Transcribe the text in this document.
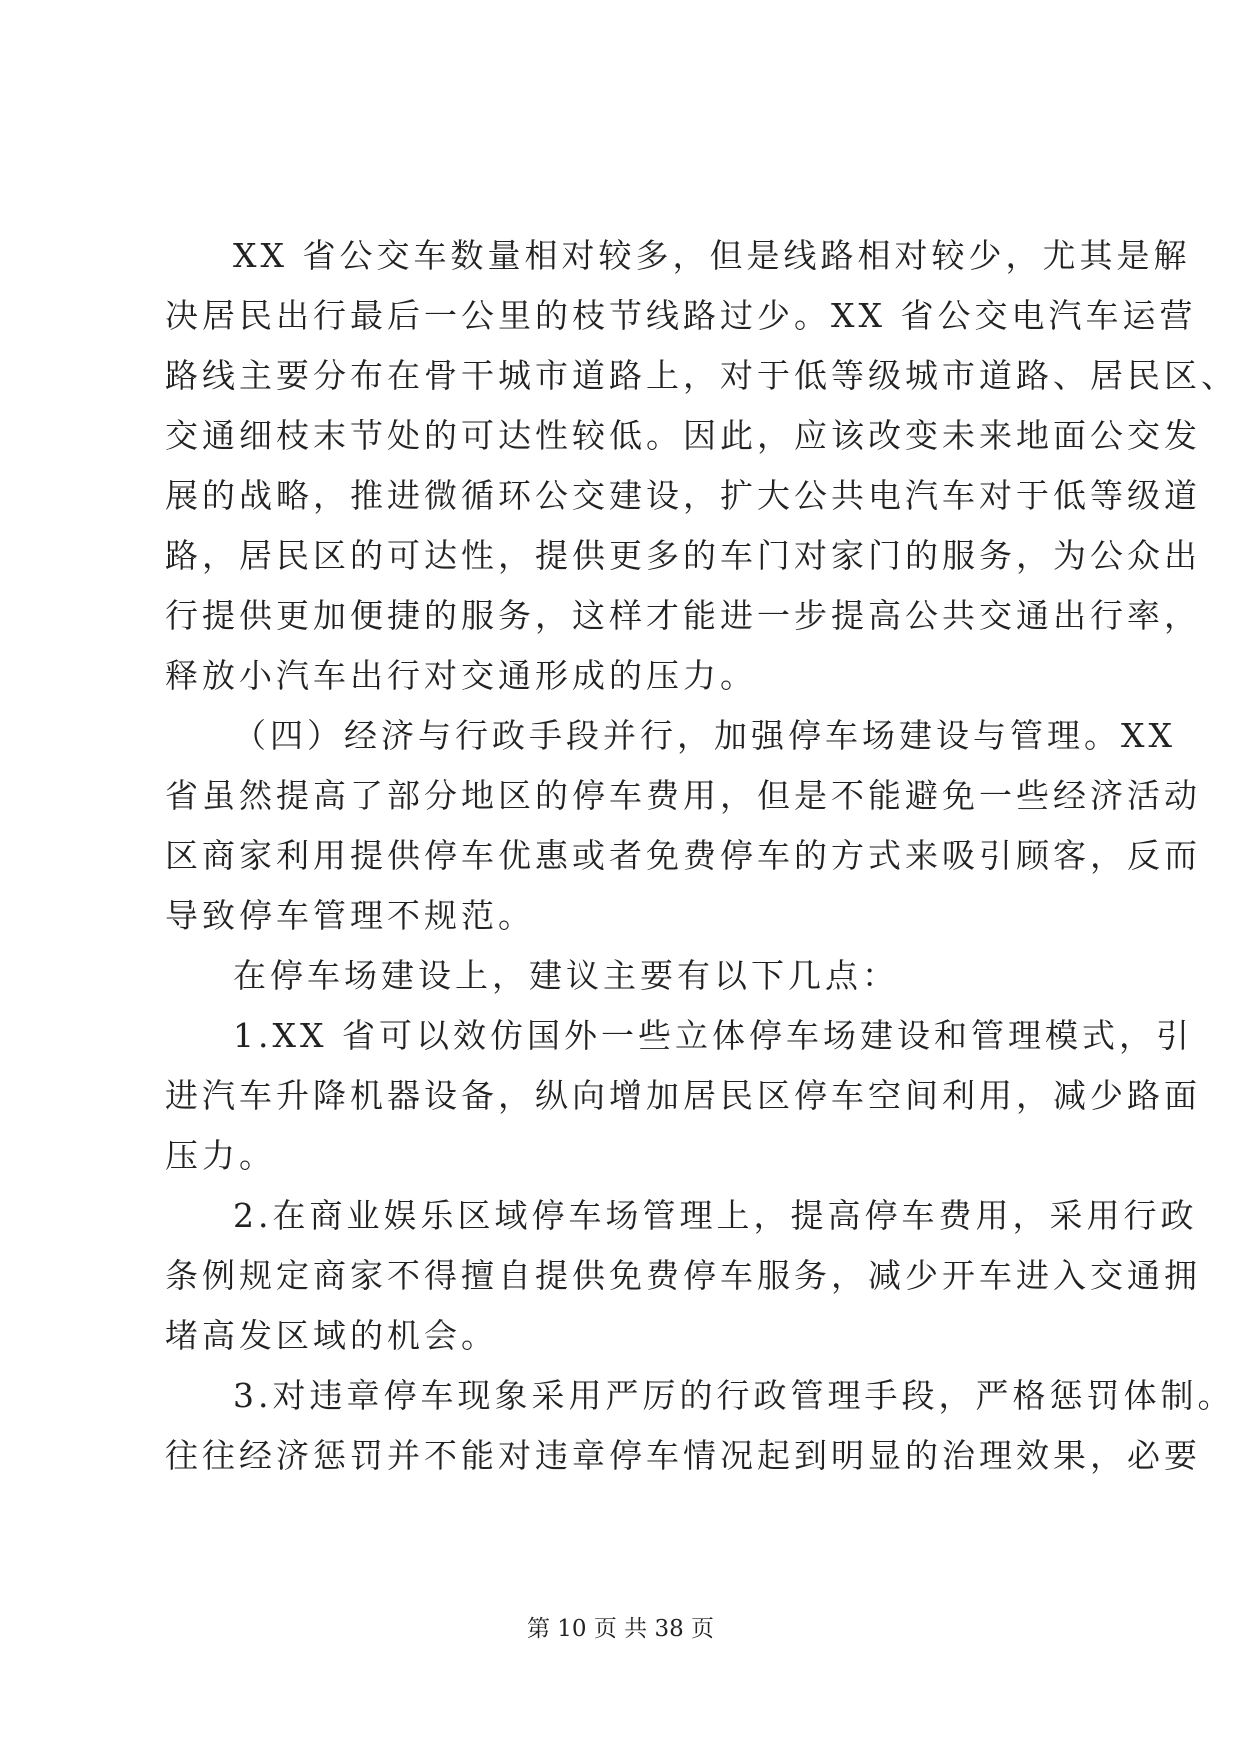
XX 省公交车数量相对较多，但是线路相对较少，尤其是解
决居民出行最后一公里的枝节线路过少。XX 省公交电汽车运营
路线主要分布在骨干城市道路上，对于低等级城市道路、居民区、
交通细枝末节处的可达性较低。因此，应该改变未来地面公交发
展的战略，推进微循环公交建设，扩大公共电汽车对于低等级道
路，居民区的可达性，提供更多的车门对家门的服务，为公众出
行提供更加便捷的服务，这样才能进一步提高公共交通出行率，
释放小汽车出行对交通形成的压力。
（四）经济与行政手段并行，加强停车场建设与管理。XX
省虽然提高了部分地区的停车费用，但是不能避免一些经济活动
区商家利用提供停车优惠或者免费停车的方式来吸引顾客，反而
导致停车管理不规范。
在停车场建设上，建议主要有以下几点：
1.XX 省可以效仿国外一些立体停车场建设和管理模式，引
进汽车升降机器设备，纵向增加居民区停车空间利用，减少路面
压力。
2.在商业娱乐区域停车场管理上，提高停车费用，采用行政
条例规定商家不得擅自提供免费停车服务，减少开车进入交通拥
堵高发区域的机会。
3.对违章停车现象采用严厉的行政管理手段，严格惩罚体制。
往往经济惩罚并不能对违章停车情况起到明显的治理效果，必要
第 10 页 共 38 页
